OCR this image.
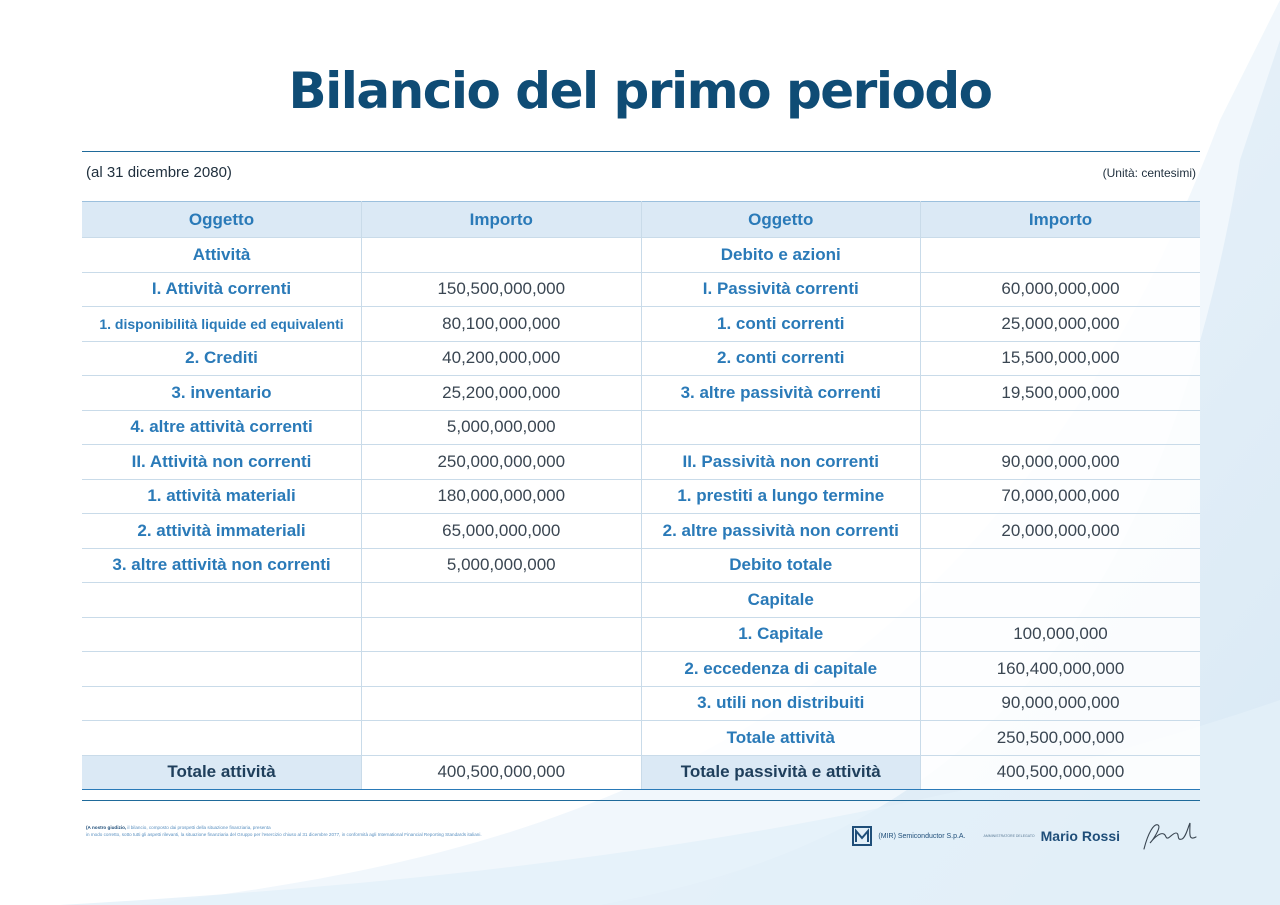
Bilancio del primo periodo
(al 31 dicembre 2080)	(Unità: centesimi)
Oggetto	Importo	Oggetto	Importo
Attività		Debito e azioni	
I. Attività correnti	150,500,000,000	I. Passività correnti	60,000,000,000
1. disponibilità liquide ed equivalenti	80,100,000,000	1. conti correnti	25,000,000,000
2. Crediti	40,200,000,000	2. conti correnti	15,500,000,000
3. inventario	25,200,000,000	3. altre passività correnti	19,500,000,000
4. altre attività correnti	5,000,000,000		
II. Attività non correnti	250,000,000,000	II. Passività non correnti	90,000,000,000
1. attività materiali	180,000,000,000	1. prestiti a lungo termine	70,000,000,000
2. attività immateriali	65,000,000,000	2. altre passività non correnti	20,000,000,000
3. altre attività non correnti	5,000,000,000	Debito totale	
		Capitale	
		1. Capitale	100,000,000
		2. eccedenza di capitale	160,400,000,000
		3. utili non distribuiti	90,000,000,000
		Totale attività	250,500,000,000
Totale attività	400,500,000,000	Totale passività e attività	400,500,000,000
(A nostro giudizio, il bilancio, composto dai prospetti della situazione finanziaria, presenta
in modo corretto, sotto tutti gli aspetti rilevanti, la situazione finanziaria del Gruppo per l'esercizio chiuso al 31 dicembre 2077, in conformità agli International Financial Reporting Standards italiani.	(MIR) Semiconductor S.p.A.	AMMINISTRATORE DELEGATO Mario Rossi
